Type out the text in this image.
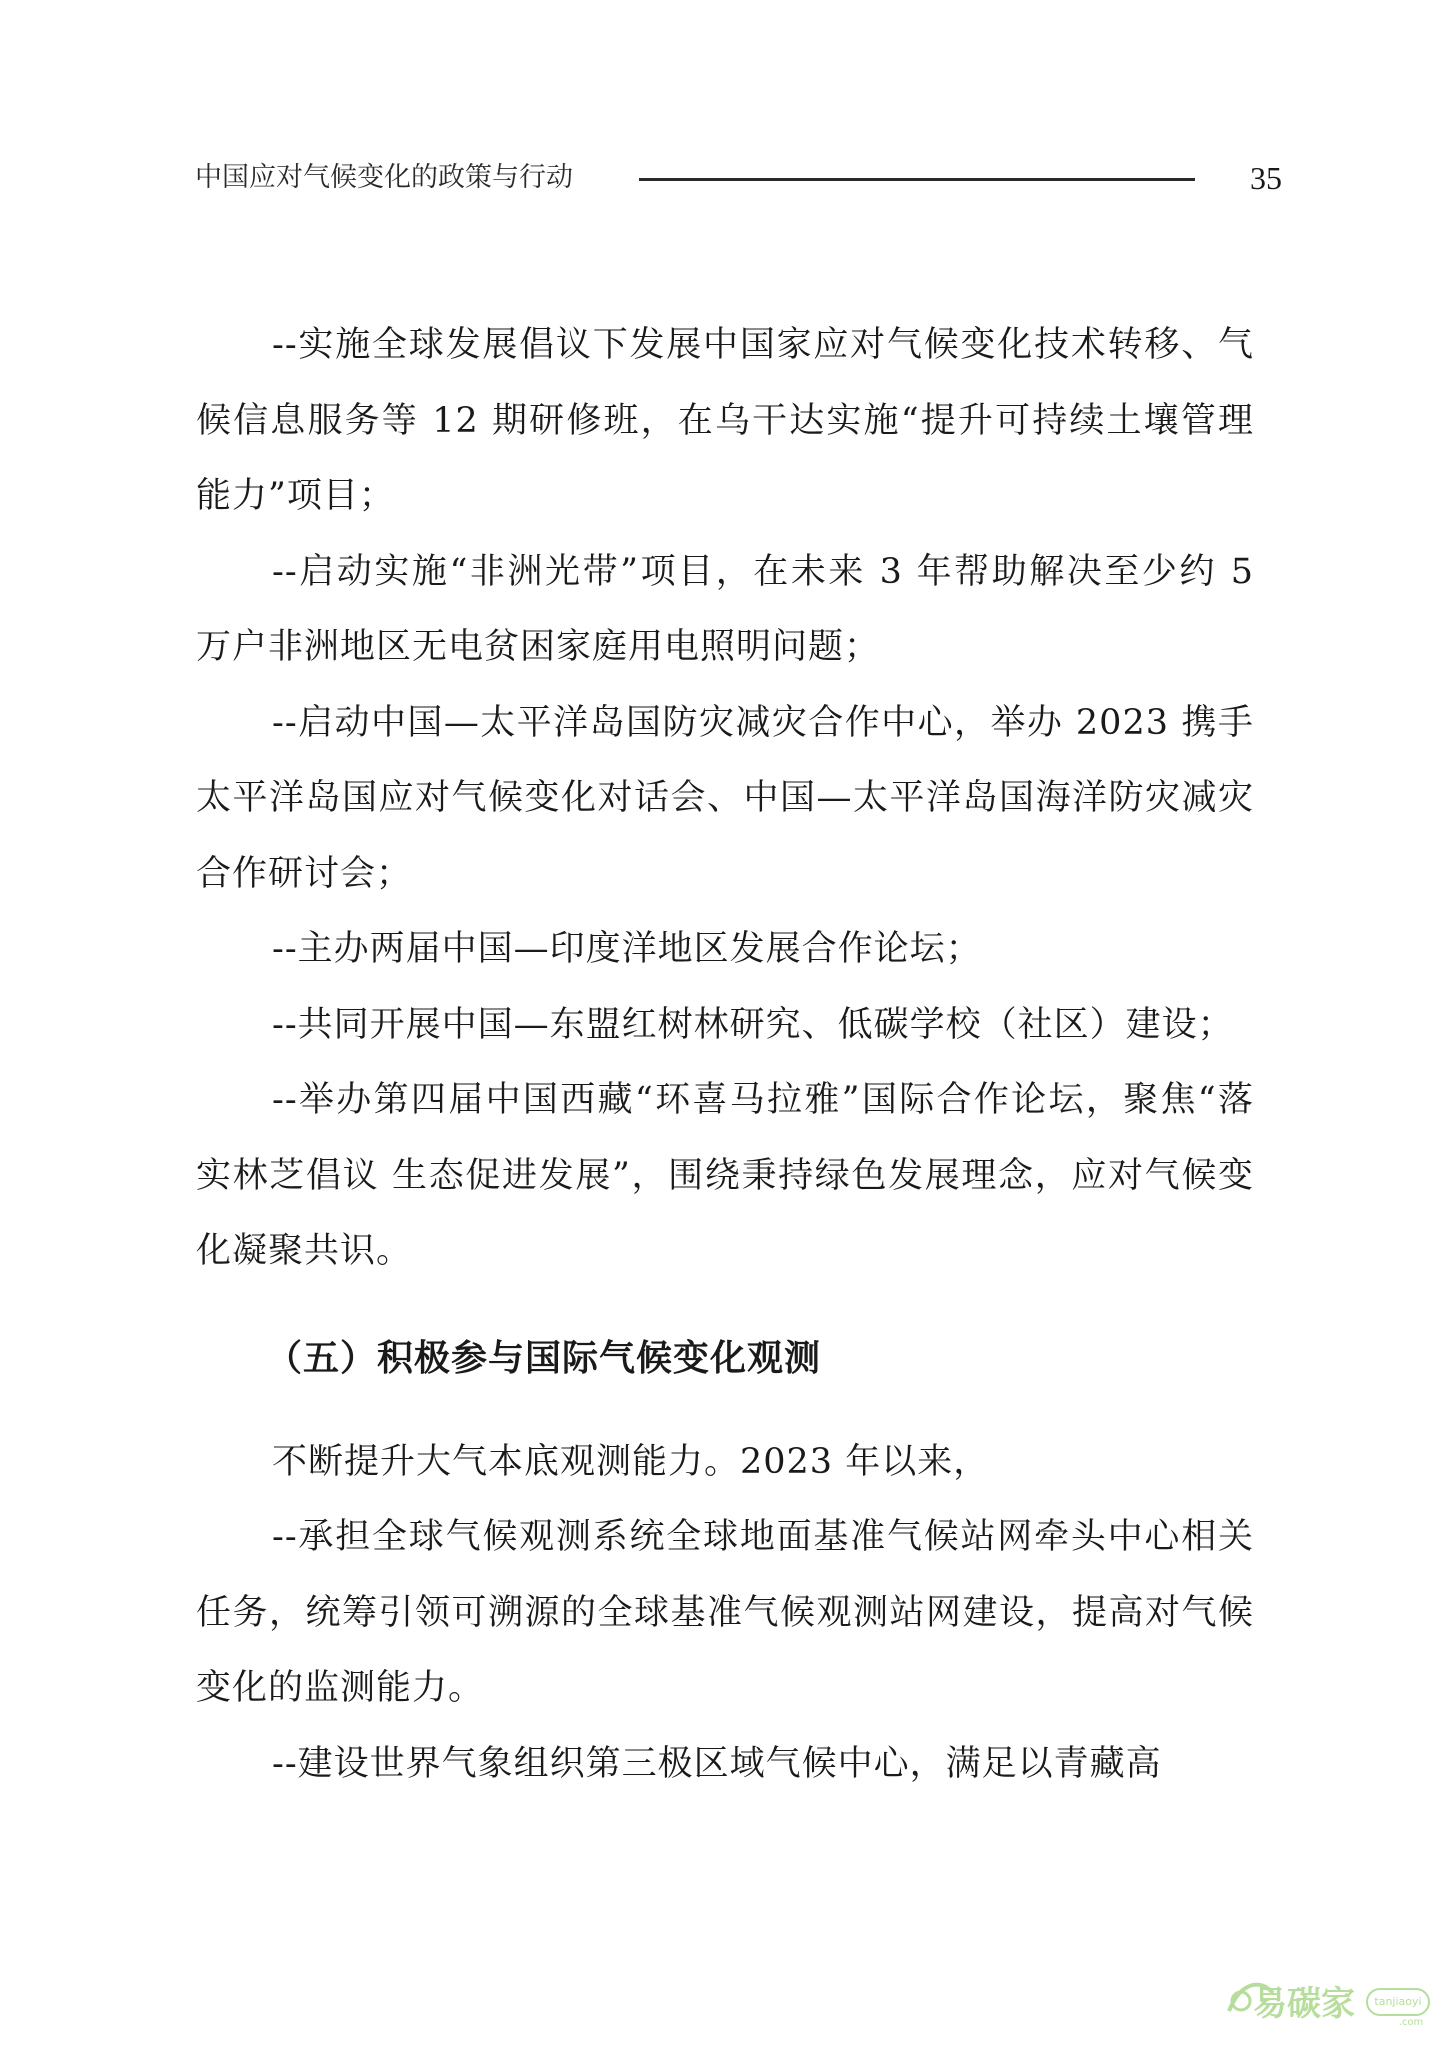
中国应对气候变化的政策与行动	35

--实施全球发展倡议下发展中国家应对气候变化技术转移、气候信息服务等 12 期研修班，在乌干达实施“提升可持续土壤管理能力”项目；

--启动实施“非洲光带”项目，在未来 3 年帮助解决至少约 5 万户非洲地区无电贫困家庭用电照明问题；

--启动中国—太平洋岛国防灾减灾合作中心，举办 2023 携手太平洋岛国应对气候变化对话会、中国—太平洋岛国海洋防灾减灾合作研讨会；

--主办两届中国—印度洋地区发展合作论坛；

--共同开展中国—东盟红树林研究、低碳学校（社区）建设；

--举办第四届中国西藏“环喜马拉雅”国际合作论坛，聚焦“落实林芝倡议 生态促进发展”，围绕秉持绿色发展理念，应对气候变化凝聚共识。

（五）积极参与国际气候变化观测

不断提升大气本底观测能力。2023 年以来，

--承担全球气候观测系统全球地面基准气候站网牵头中心相关任务，统筹引领可溯源的全球基准气候观测站网建设，提高对气候变化的监测能力。

--建设世界气象组织第三极区域气候中心，满足以青藏高

易碳家 tanjiaoyi
.com
